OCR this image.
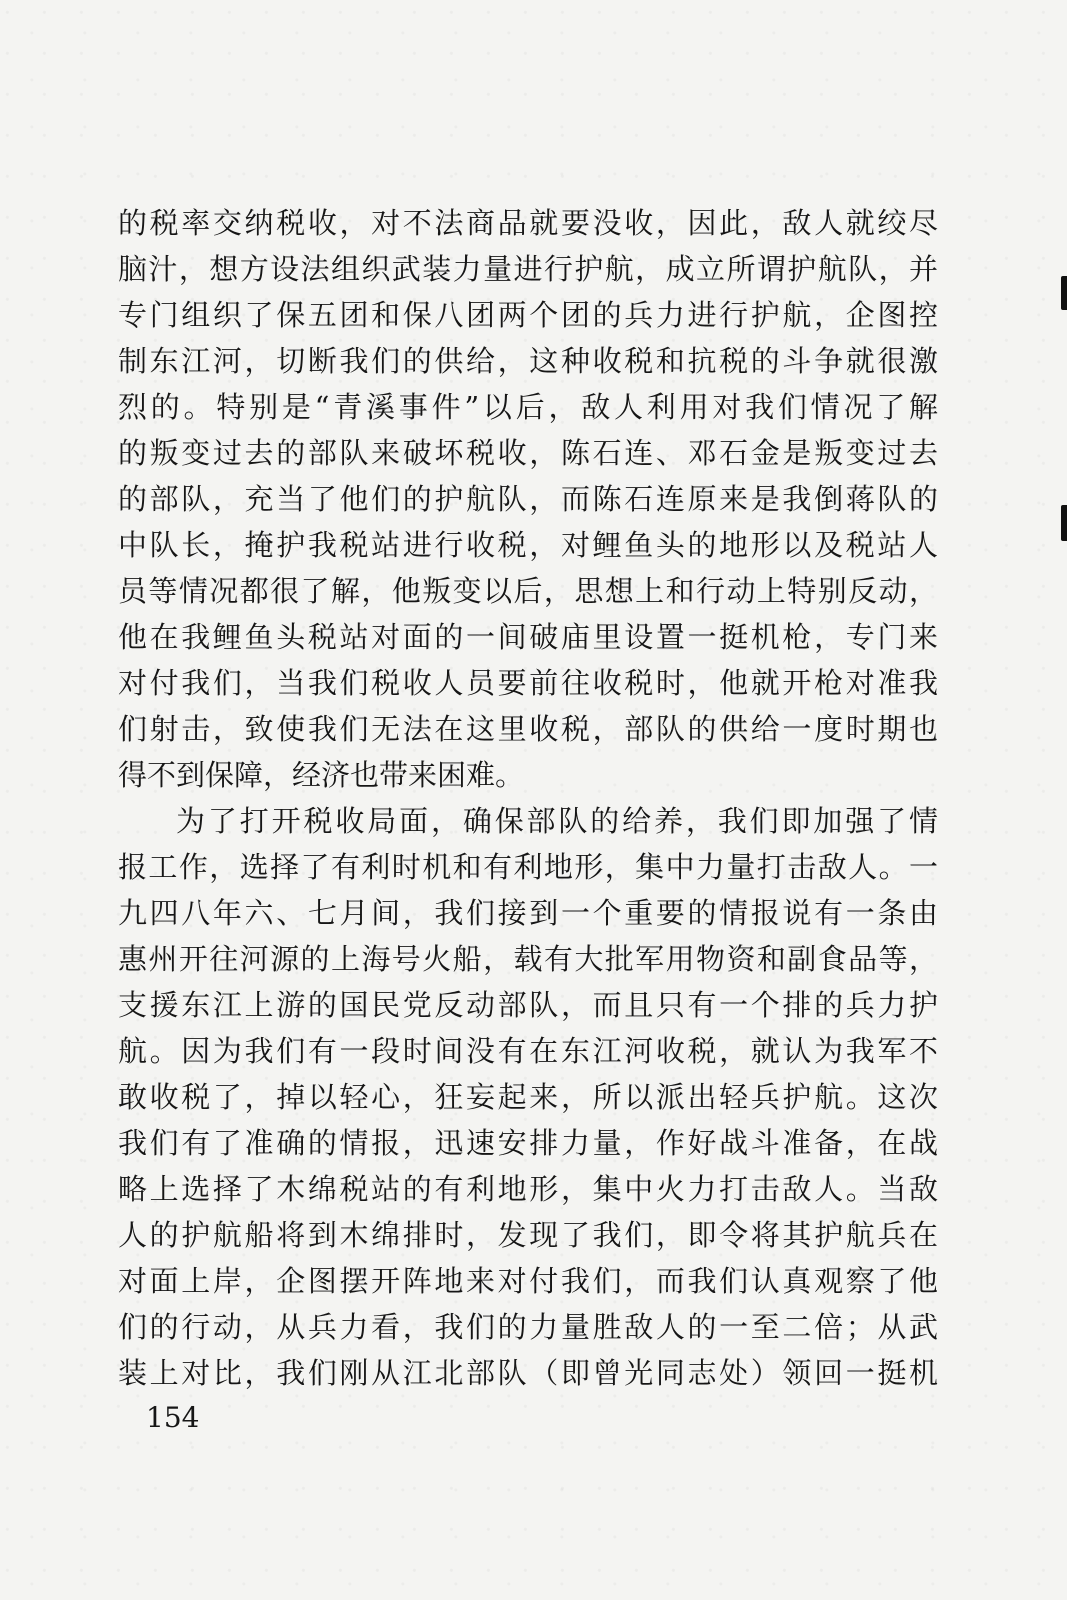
的税率交纳税收，对不法商品就要没收，因此，敌人就绞尽
脑汁，想方设法组织武装力量进行护航，成立所谓护航队，并
专门组织了保五团和保八团两个团的兵力进行护航，企图控
制东江河，切断我们的供给，这种收税和抗税的斗争就很激
烈的。特别是“青溪事件”以后，敌人利用对我们情况了解
的叛变过去的部队来破坏税收，陈石连、邓石金是叛变过去
的部队，充当了他们的护航队，而陈石连原来是我倒蒋队的
中队长，掩护我税站进行收税，对鲤鱼头的地形以及税站人
员等情况都很了解，他叛变以后，思想上和行动上特别反动，
他在我鲤鱼头税站对面的一间破庙里设置一挺机枪，专门来
对付我们，当我们税收人员要前往收税时，他就开枪对准我
们射击，致使我们无法在这里收税，部队的供给一度时期也
得不到保障，经济也带来困难。
为了打开税收局面，确保部队的给养，我们即加强了情
报工作，选择了有利时机和有利地形，集中力量打击敌人。一
九四八年六、七月间，我们接到一个重要的情报说有一条由
惠州开往河源的上海号火船，载有大批军用物资和副食品等，
支援东江上游的国民党反动部队，而且只有一个排的兵力护
航。因为我们有一段时间没有在东江河收税，就认为我军不
敢收税了，掉以轻心，狂妄起来，所以派出轻兵护航。这次
我们有了准确的情报，迅速安排力量，作好战斗准备，在战
略上选择了木绵税站的有利地形，集中火力打击敌人。当敌
人的护航船将到木绵排时，发现了我们，即令将其护航兵在
对面上岸，企图摆开阵地来对付我们，而我们认真观察了他
们的行动，从兵力看，我们的力量胜敌人的一至二倍；从武
装上对比，我们刚从江北部队（即曾光同志处）领回一挺机
154
